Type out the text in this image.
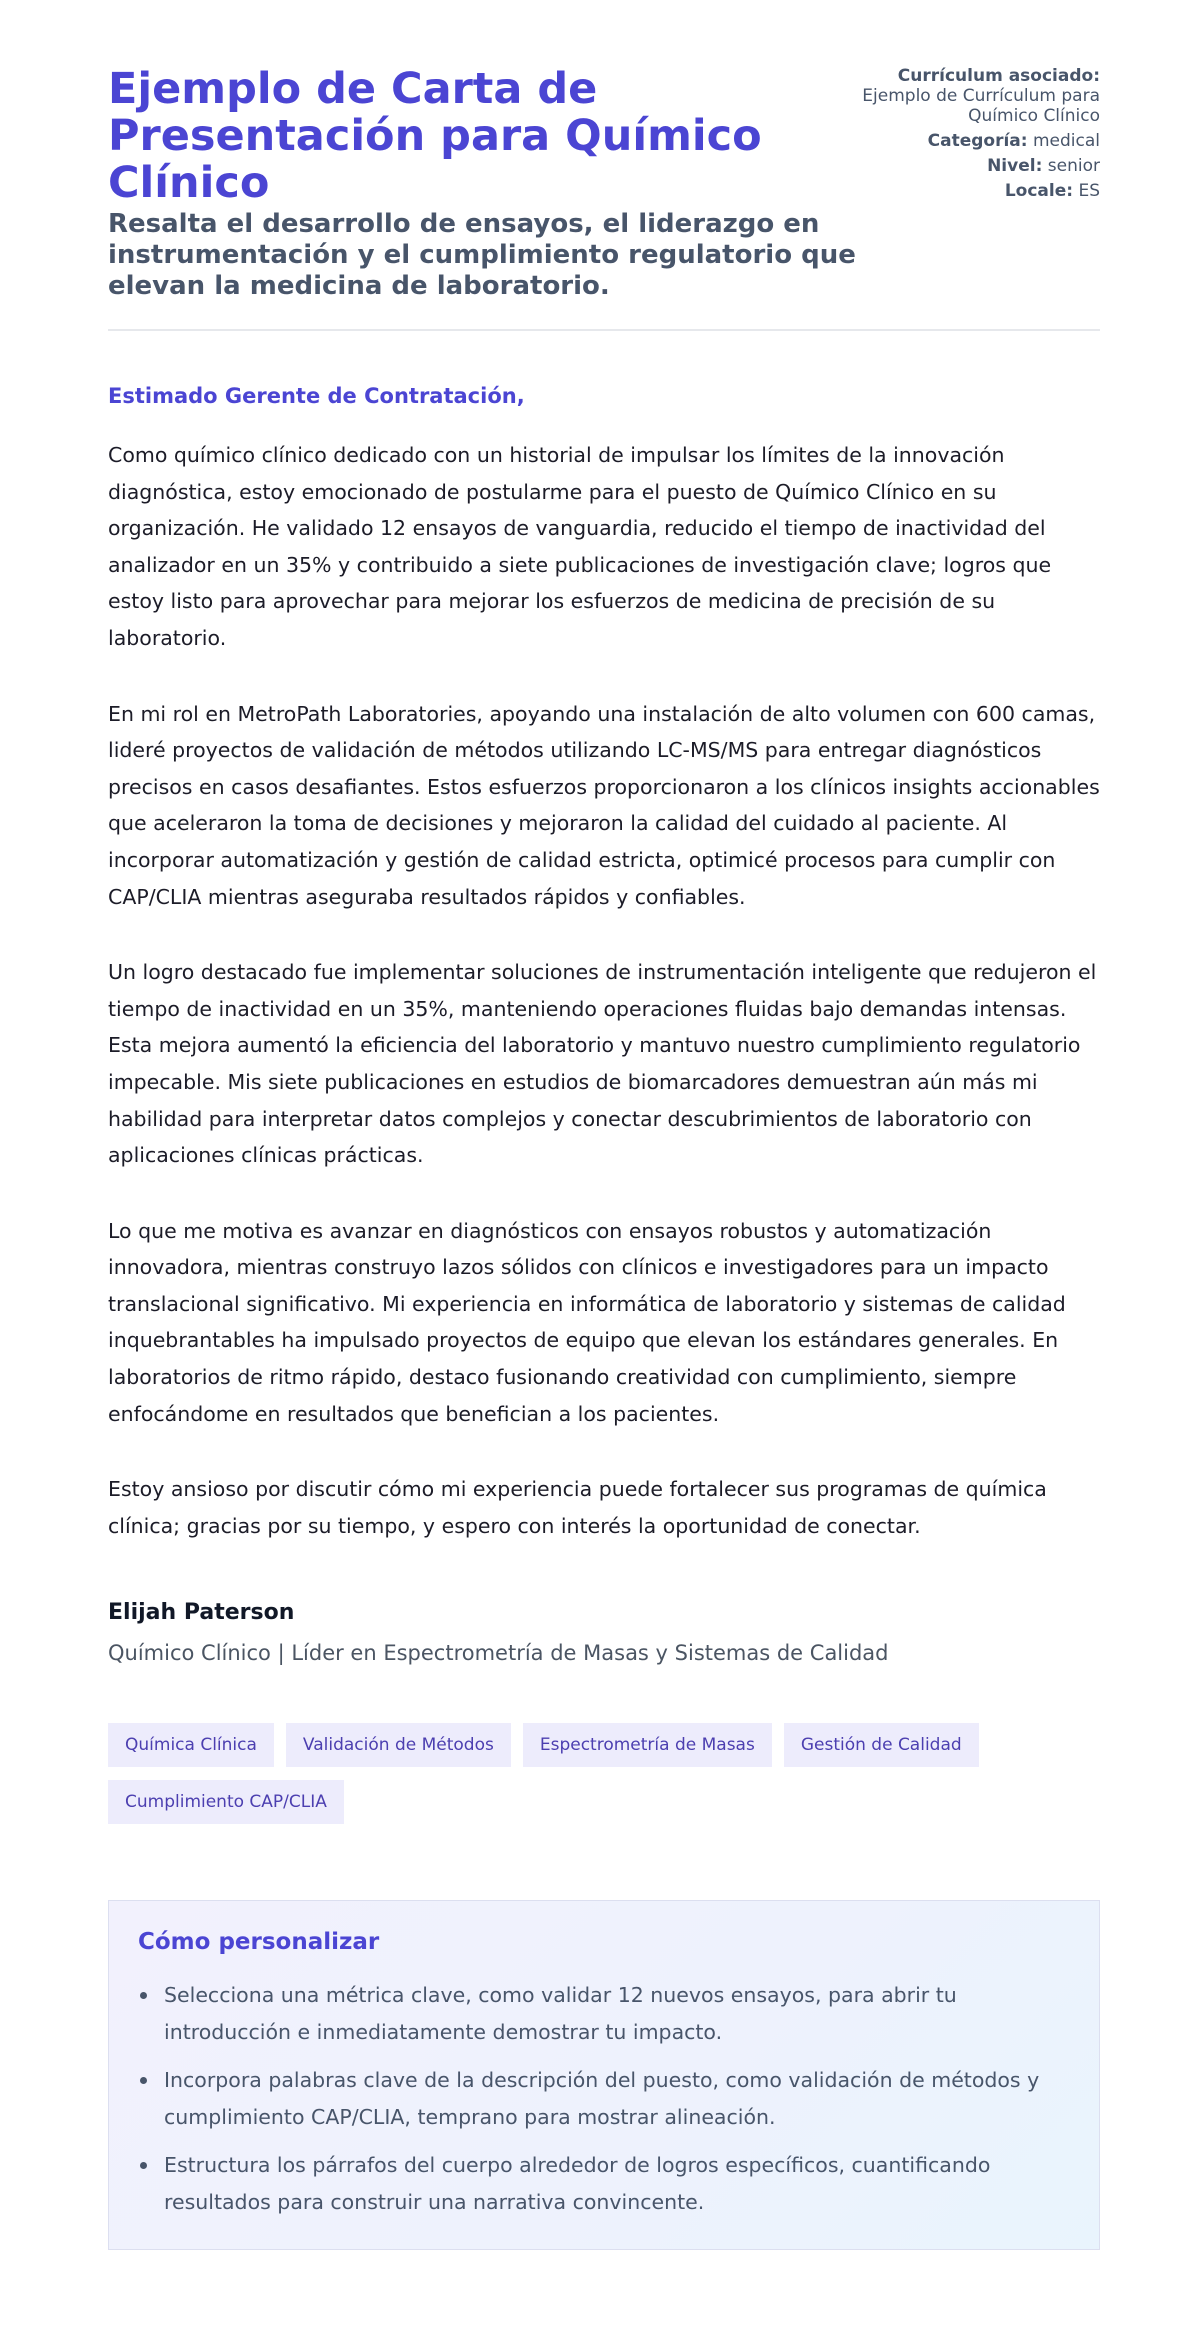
Ejemplo de Carta de Presentación para Químico Clínico

Resalta el desarrollo de ensayos, el liderazgo en instrumentación y el cumplimiento regulatorio que elevan la medicina de laboratorio.

Currículum asociado:
Ejemplo de Currículum para Químico Clínico
Categoría: medical
Nivel: senior
Locale: ES

Estimado Gerente de Contratación,

Como químico clínico dedicado con un historial de impulsar los límites de la innovación diagnóstica, estoy emocionado de postularme para el puesto de Químico Clínico en su organización. He validado 12 ensayos de vanguardia, reducido el tiempo de inactividad del analizador en un 35% y contribuido a siete publicaciones de investigación clave; logros que estoy listo para aprovechar para mejorar los esfuerzos de medicina de precisión de su laboratorio.

En mi rol en MetroPath Laboratories, apoyando una instalación de alto volumen con 600 camas, lideré proyectos de validación de métodos utilizando LC-MS/MS para entregar diagnósticos precisos en casos desafiantes. Estos esfuerzos proporcionaron a los clínicos insights accionables que aceleraron la toma de decisiones y mejoraron la calidad del cuidado al paciente. Al incorporar automatización y gestión de calidad estricta, optimicé procesos para cumplir con CAP/CLIA mientras aseguraba resultados rápidos y confiables.

Un logro destacado fue implementar soluciones de instrumentación inteligente que redujeron el tiempo de inactividad en un 35%, manteniendo operaciones fluidas bajo demandas intensas. Esta mejora aumentó la eficiencia del laboratorio y mantuvo nuestro cumplimiento regulatorio impecable. Mis siete publicaciones en estudios de biomarcadores demuestran aún más mi habilidad para interpretar datos complejos y conectar descubrimientos de laboratorio con aplicaciones clínicas prácticas.

Lo que me motiva es avanzar en diagnósticos con ensayos robustos y automatización innovadora, mientras construyo lazos sólidos con clínicos e investigadores para un impacto translacional significativo. Mi experiencia en informática de laboratorio y sistemas de calidad inquebrantables ha impulsado proyectos de equipo que elevan los estándares generales. En laboratorios de ritmo rápido, destaco fusionando creatividad con cumplimiento, siempre enfocándome en resultados que benefician a los pacientes.

Estoy ansioso por discutir cómo mi experiencia puede fortalecer sus programas de química clínica; gracias por su tiempo, y espero con interés la oportunidad de conectar.

Elijah Paterson
Químico Clínico | Líder en Espectrometría de Masas y Sistemas de Calidad
Química Clínica	Validación de Métodos	Espectrometría de Masas	Gestión de Calidad
Cumplimiento CAP/CLIA
Cómo personalizar
Selecciona una métrica clave, como validar 12 nuevos ensayos, para abrir tu introducción e inmediatamente demostrar tu impacto.
Incorpora palabras clave de la descripción del puesto, como validación de métodos y cumplimiento CAP/CLIA, temprano para mostrar alineación.
Estructura los párrafos del cuerpo alrededor de logros específicos, cuantificando resultados para construir una narrativa convincente.
